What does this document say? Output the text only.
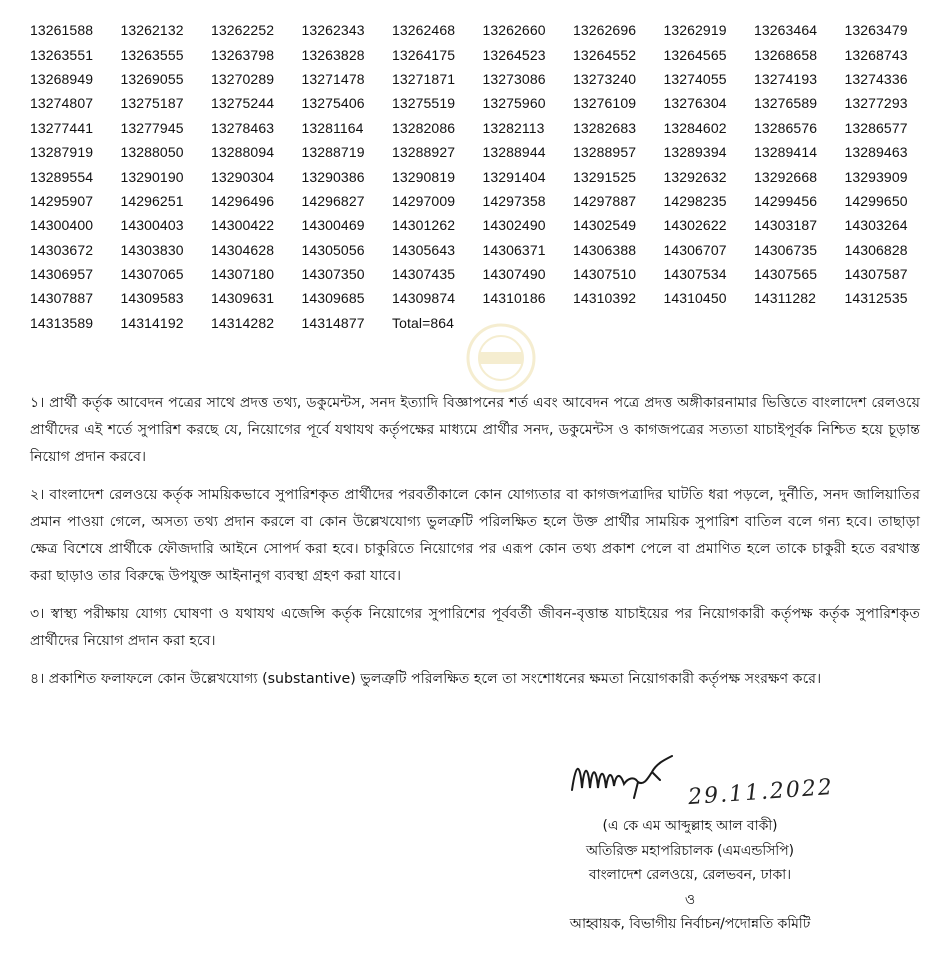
13261588	13262132	13262252	13262343	13262468	13262660	13262696	13262919	13263464	13263479
13263551	13263555	13263798	13263828	13264175	13264523	13264552	13264565	13268658	13268743
13268949	13269055	13270289	13271478	13271871	13273086	13273240	13274055	13274193	13274336
13274807	13275187	13275244	13275406	13275519	13275960	13276109	13276304	13276589	13277293
13277441	13277945	13278463	13281164	13282086	13282113	13282683	13284602	13286576	13286577
13287919	13288050	13288094	13288719	13288927	13288944	13288957	13289394	13289414	13289463
13289554	13290190	13290304	13290386	13290819	13291404	13291525	13292632	13292668	13293909
14295907	14296251	14296496	14296827	14297009	14297358	14297887	14298235	14299456	14299650
14300400	14300403	14300422	14300469	14301262	14302490	14302549	14302622	14303187	14303264
14303672	14303830	14304628	14305056	14305643	14306371	14306388	14306707	14306735	14306828
14306957	14307065	14307180	14307350	14307435	14307490	14307510	14307534	14307565	14307587
14307887	14309583	14309631	14309685	14309874	14310186	14310392	14310450	14311282	14312535
14313589	14314192	14314282	14314877	Total=864

১। প্রার্থী কর্তৃক আবেদন পত্রের সাথে প্রদত্ত তথ্য, ডকুমেন্টস, সনদ ইত্যাদি বিজ্ঞাপনের শর্ত এবং আবেদন পত্রে প্রদত্ত অঙ্গীকারনামার ভিত্তিতে বাংলাদেশ রেলওয়ে প্রার্থীদের এই শর্তে সুপারিশ করছে যে, নিয়োগের পূর্বে যথাযথ কর্তৃপক্ষের মাধ্যমে প্রার্থীর সনদ, ডকুমেন্টস ও কাগজপত্রের সত্যতা যাচাইপূর্বক নিশ্চিত হয়ে চূড়ান্ত নিয়োগ প্রদান করবে।

২। বাংলাদেশ রেলওয়ে কর্তৃক সাময়িকভাবে সুপারিশকৃত প্রার্থীদের পরবর্তীকালে কোন যোগ্যতার বা কাগজপত্রাদির ঘাটতি ধরা পড়লে, দুর্নীতি, সনদ জালিয়াতির প্রমান পাওয়া গেলে, অসত্য তথ্য প্রদান করলে বা কোন উল্লেখযোগ্য ভুলত্রুটি পরিলক্ষিত হলে উক্ত প্রার্থীর সাময়িক সুপারিশ বাতিল বলে গন্য হবে। তাছাড়া ক্ষেত্র বিশেষে প্রার্থীকে ফৌজদারি আইনে সোপর্দ করা হবে। চাকুরিতে নিয়োগের পর এরূপ কোন তথ্য প্রকাশ পেলে বা প্রমাণিত হলে তাকে চাকুরী হতে বরখাস্ত করা ছাড়াও তার বিরুদ্ধে উপযুক্ত আইনানুগ ব্যবস্থা গ্রহণ করা যাবে।

৩। স্বাস্থ্য পরীক্ষায় যোগ্য ঘোষণা ও যথাযথ এজেন্সি কর্তৃক নিয়োগের সুপারিশের পূর্ববর্তী জীবন-বৃত্তান্ত যাচাইয়ের পর নিয়োগকারী কর্তৃপক্ষ কর্তৃক সুপারিশকৃত প্রার্থীদের নিয়োগ প্রদান করা হবে।

৪। প্রকাশিত ফলাফলে কোন উল্লেখযোগ্য (substantive) ভুলত্রুটি পরিলক্ষিত হলে তা সংশোধনের ক্ষমতা নিয়োগকারী কর্তৃপক্ষ সংরক্ষণ করে।

29.11.2022
(এ কে এম আব্দুল্লাহ আল বাকী)
অতিরিক্ত মহাপরিচালক (এমএন্ডসিপি)
বাংলাদেশ রেলওয়ে, রেলভবন, ঢাকা।
ও
আহ্বায়ক, বিভাগীয় নির্বাচন/পদোন্নতি কমিটি
